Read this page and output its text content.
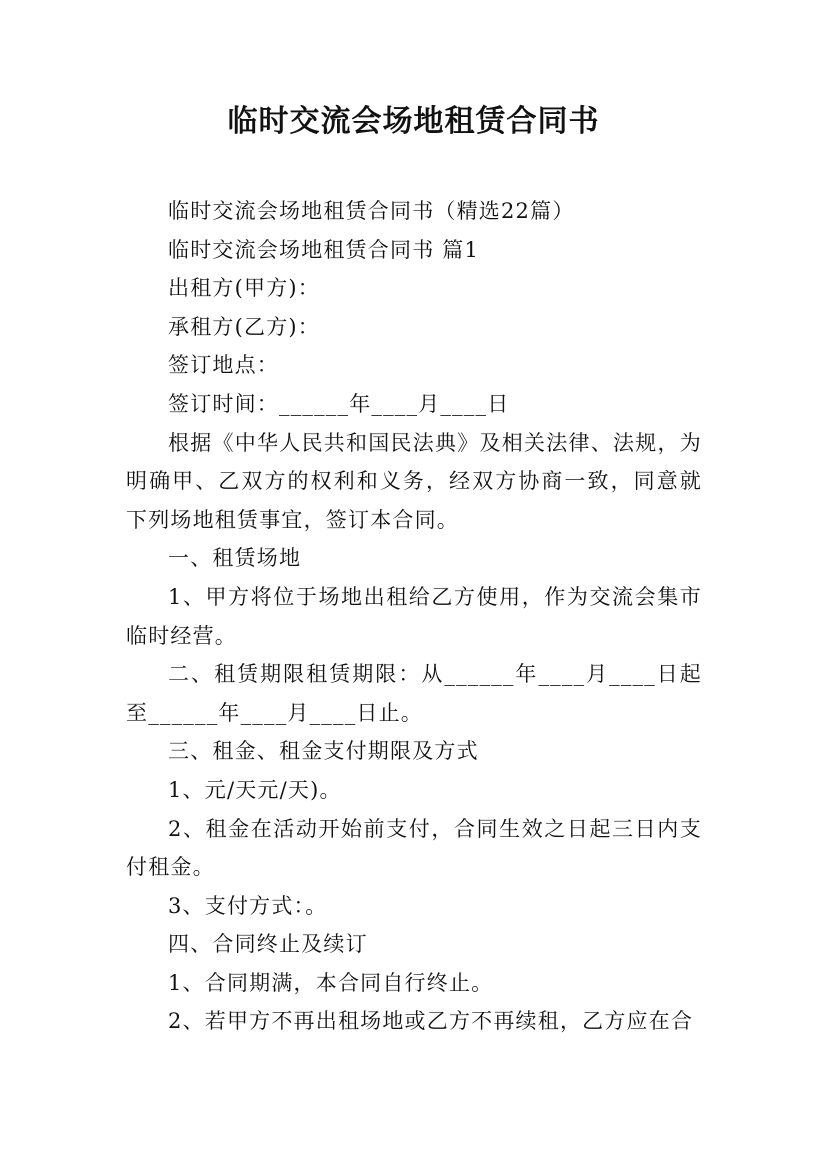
临时交流会场地租赁合同书

临时交流会场地租赁合同书（精选22篇）

临时交流会场地租赁合同书 篇1

出租方(甲方)：

承租方(乙方)：

签订地点：

签订时间：______年____月____日

根据《中华人民共和国民法典》及相关法律、法规，为明确甲、乙双方的权利和义务，经双方协商一致，同意就下列场地租赁事宜，签订本合同。

一、租赁场地

1、甲方将位于场地出租给乙方使用，作为交流会集市临时经营。

二、租赁期限租赁期限：从______年____月____日起至______年____月____日止。

三、租金、租金支付期限及方式

1、元/天元/天)。

2、租金在活动开始前支付，合同生效之日起三日内支付租金。

3、支付方式：。

四、合同终止及续订

1、合同期满，本合同自行终止。

2、若甲方不再出租场地或乙方不再续租，乙方应在合
